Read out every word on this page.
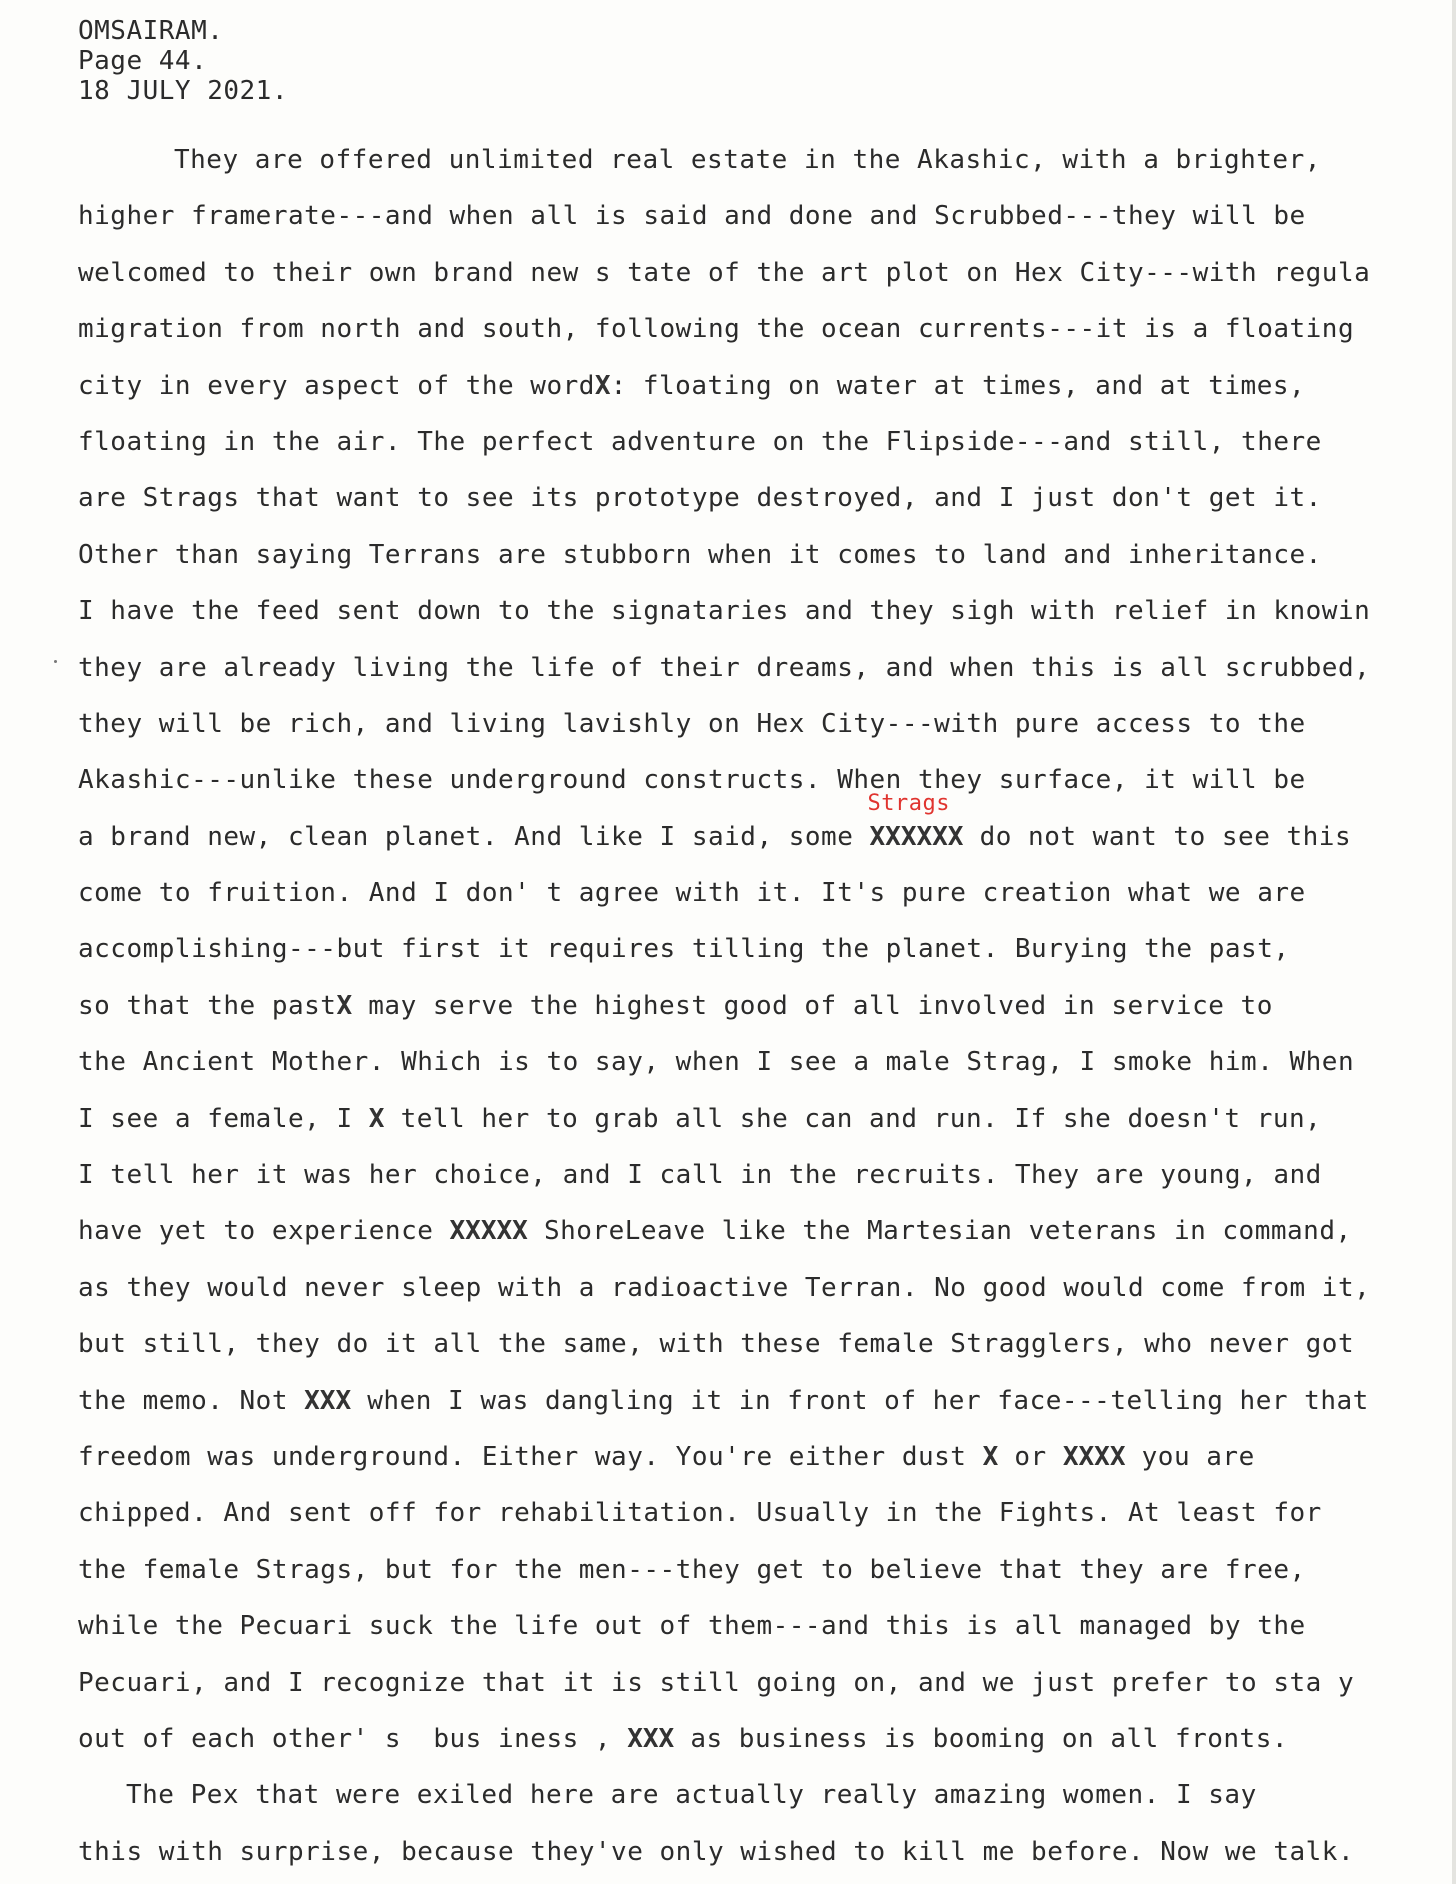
OMSAIRAM.
Page 44.
18 JULY 2021.
They are offered unlimited real estate in the Akashic, with a brighter,
higher framerate---and when all is said and done and Scrubbed---they will be
welcomed to their own brand new s tate of the art plot on Hex City---with regula
migration from north and south, following the ocean currents---it is a floating
city in every aspect of the wordX: floating on water at times, and at times,
floating in the air. The perfect adventure on the Flipside---and still, there
are Strags that want to see its prototype destroyed, and I just don't get it.
Other than saying Terrans are stubborn when it comes to land and inheritance.
I have the feed sent down to the signataries and they sigh with relief in knowin
they are already living the life of their dreams, and when this is all scrubbed,
they will be rich, and living lavishly on Hex City---with pure access to the
Akashic---unlike these underground constructs. When they surface, it will be
a brand new, clean planet. And like I said, some
Strags
XXXXXX do not want to see this
come to fruition. And I don' t agree with it. It's pure creation what we are
accomplishing---but first it requires tilling the planet. Burying the past,
so that the pastX may serve the highest good of all involved in service to
the Ancient Mother. Which is to say, when I see a male Strag, I smoke him. When
I see a female, I X tell her to grab all she can and run. If she doesn't run,
I tell her it was her choice, and I call in the recruits. They are young, and
have yet to experience XXXXX ShoreLeave like the Martesian veterans in command,
as they would never sleep with a radioactive Terran. No good would come from it,
but still, they do it all the same, with these female Stragglers, who never got
the memo. Not XXX when I was dangling it in front of her face---telling her that
freedom was underground. Either way. You're either dust X or XXXX you are
chipped. And sent off for rehabilitation. Usually in the Fights. At least for
the female Strags, but for the men---they get to believe that they are free,
while the Pecuari suck the life out of them---and this is all managed by the
Pecuari, and I recognize that it is still going on, and we just prefer to sta y
out of each other' s  bus iness , XXX as business is booming on all fronts.
The Pex that were exiled here are actually really amazing women. I say
this with surprise, because they've only wished to kill me before. Now we talk.
